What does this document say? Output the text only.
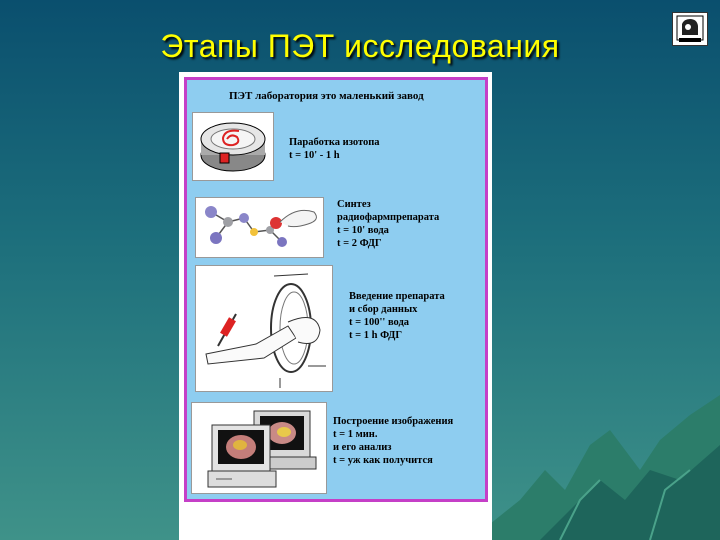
Этапы ПЭТ исследования
ПЭТ лаборатория это маленький завод
Паработка изотопа
t = 10' - 1 h
Синтез
радиофармпрепарата
t = 10' вода
t = 2 ФДГ
Введение препарата
и сбор данных
t = 100'' вода
t = 1 h ФДГ
Построение изображения
t = 1 мин.
и его анализ
t = уж как получится
